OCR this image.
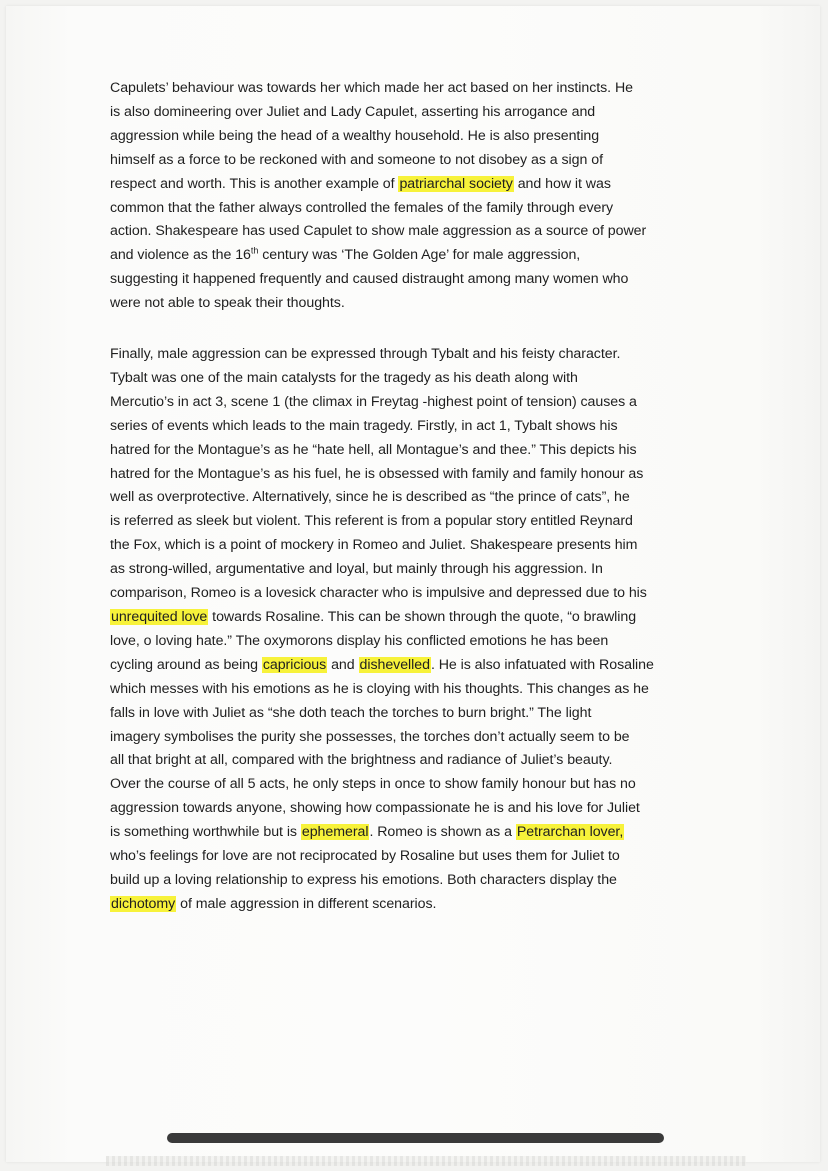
Capulets’ behaviour was towards her which made her act based on her instincts. He
is also domineering over Juliet and Lady Capulet, asserting his arrogance and
aggression while being the head of a wealthy household. He is also presenting
himself as a force to be reckoned with and someone to not disobey as a sign of
respect and worth. This is another example of patriarchal society and how it was
common that the father always controlled the females of the family through every
action. Shakespeare has used Capulet to show male aggression as a source of power
and violence as the 16th century was ‘The Golden Age’ for male aggression,
suggesting it happened frequently and caused distraught among many women who
were not able to speak their thoughts.
Finally, male aggression can be expressed through Tybalt and his feisty character.
Tybalt was one of the main catalysts for the tragedy as his death along with
Mercutio’s in act 3, scene 1 (the climax in Freytag -highest point of tension) causes a
series of events which leads to the main tragedy. Firstly, in act 1, Tybalt shows his
hatred for the Montague’s as he “hate hell, all Montague’s and thee.” This depicts his
hatred for the Montague’s as his fuel, he is obsessed with family and family honour as
well as overprotective. Alternatively, since he is described as “the prince of cats”, he
is referred as sleek but violent. This referent is from a popular story entitled Reynard
the Fox, which is a point of mockery in Romeo and Juliet. Shakespeare presents him
as strong-willed, argumentative and loyal, but mainly through his aggression. In
comparison, Romeo is a lovesick character who is impulsive and depressed due to his
unrequited love towards Rosaline. This can be shown through the quote, “o brawling
love, o loving hate.” The oxymorons display his conflicted emotions he has been
cycling around as being capricious and dishevelled. He is also infatuated with Rosaline
which messes with his emotions as he is cloying with his thoughts. This changes as he
falls in love with Juliet as “she doth teach the torches to burn bright.” The light
imagery symbolises the purity she possesses, the torches don’t actually seem to be
all that bright at all, compared with the brightness and radiance of Juliet’s beauty.
Over the course of all 5 acts, he only steps in once to show family honour but has no
aggression towards anyone, showing how compassionate he is and his love for Juliet
is something worthwhile but is ephemeral. Romeo is shown as a Petrarchan lover,
who’s feelings for love are not reciprocated by Rosaline but uses them for Juliet to
build up a loving relationship to express his emotions. Both characters display the
dichotomy of male aggression in different scenarios.
